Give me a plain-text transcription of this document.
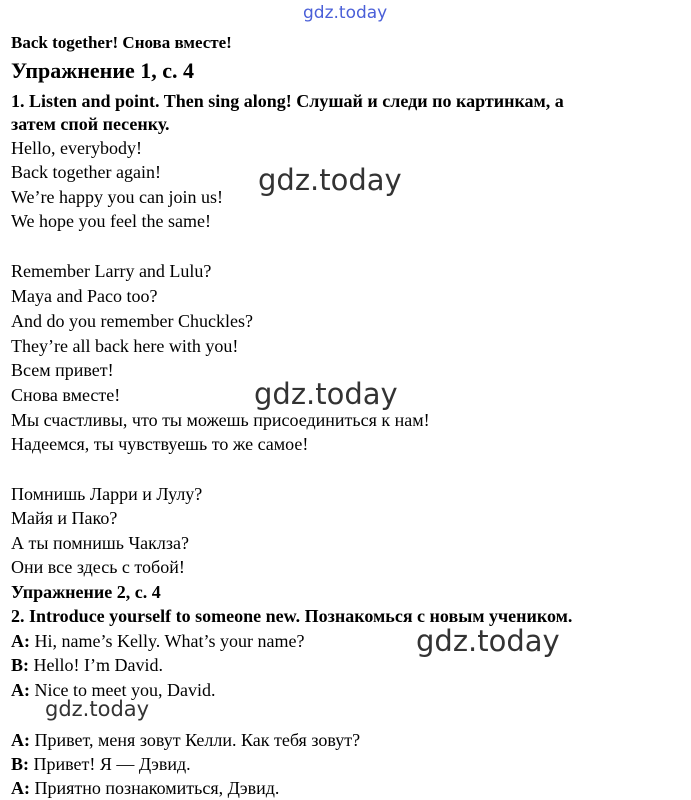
gdz.today
gdz.today
gdz.today
gdz.today
gdz.today
Back together! Снова вместе!
Упражнение 1, с. 4
1. Listen and point. Then sing along! Слушай и следи по картинкам, а
затем спой песенку.
Hello, everybody!
Back together again!
We’re happy you can join us!
We hope you feel the same!
Remember Larry and Lulu?
Maya and Paco too?
And do you remember Chuckles?
They’re all back here with you!
Всем привет!
Снова вместе!
Мы счастливы, что ты можешь присоединиться к нам!
Надеемся, ты чувствуешь то же самое!
Помнишь Ларри и Лулу?
Майя и Пако?
А ты помнишь Чаклза?
Они все здесь с тобой!
Упражнение 2, с. 4
2. Introduce yourself to someone new. Познакомься с новым учеником.
A: Hi, name’s Kelly. What’s your name?
B: Hello! I’m David.
A: Nice to meet you, David.
A: Привет, меня зовут Келли. Как тебя зовут?
B: Привет! Я — Дэвид.
A: Приятно познакомиться, Дэвид.
